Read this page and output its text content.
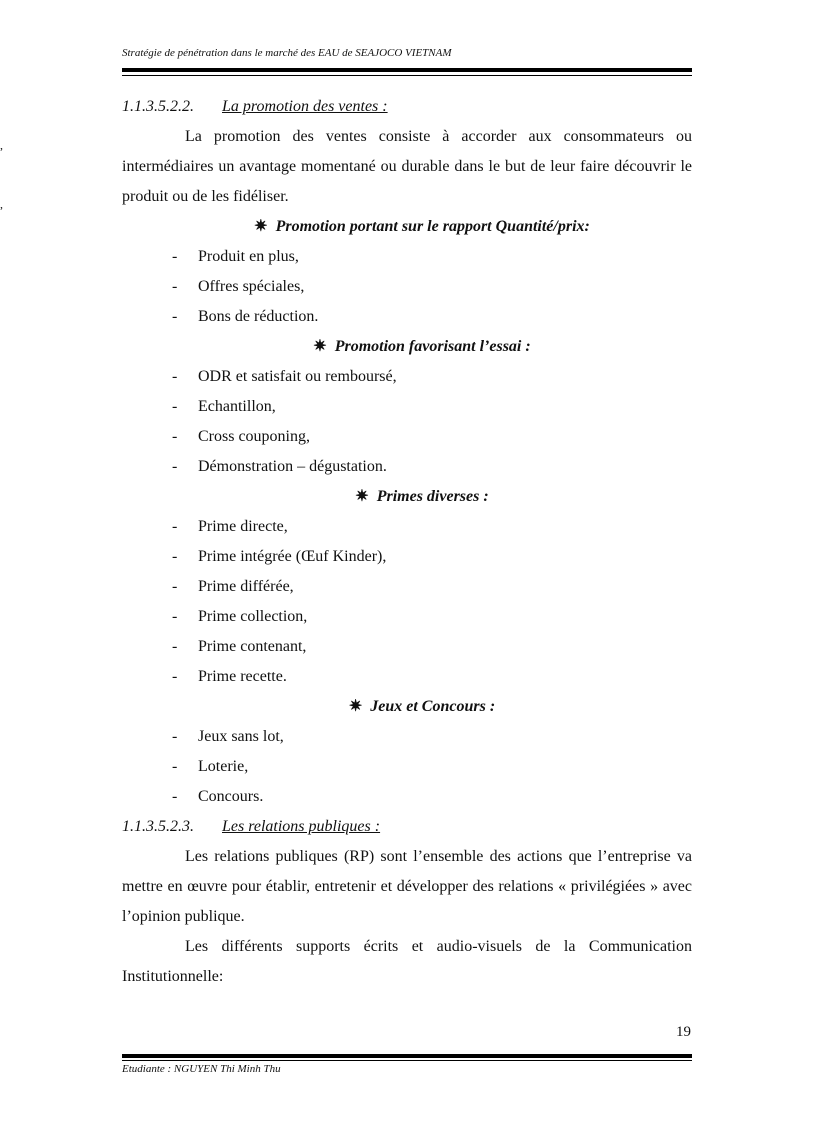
Stratégie de pénétration dans le marché des EAU de SEAJOCO VIETNAM
,
,
1.1.3.5.2.2. La promotion des ventes :
La promotion des ventes consiste à accorder aux consommateurs ou intermédiaires un avantage momentané ou durable dans le but de leur faire découvrir le produit ou de les fidéliser.
✷ Promotion portant sur le rapport Quantité/prix:
- Produit en plus,
- Offres spéciales,
- Bons de réduction.
✷ Promotion favorisant l’essai :
- ODR et satisfait ou remboursé,
- Echantillon,
- Cross couponing,
- Démonstration – dégustation.
✷ Primes diverses :
- Prime directe,
- Prime intégrée (Œuf Kinder),
- Prime différée,
- Prime collection,
- Prime contenant,
- Prime recette.
✷ Jeux et Concours :
- Jeux sans lot,
- Loterie,
- Concours.
1.1.3.5.2.3. Les relations publiques :
Les relations publiques (RP) sont l’ensemble des actions que l’entreprise va mettre en œuvre pour établir, entretenir et développer des relations « privilégiées » avec l’opinion publique.
Les différents supports écrits et audio-visuels de la Communication Institutionnelle:
19
Etudiante : NGUYEN Thi Minh Thu
